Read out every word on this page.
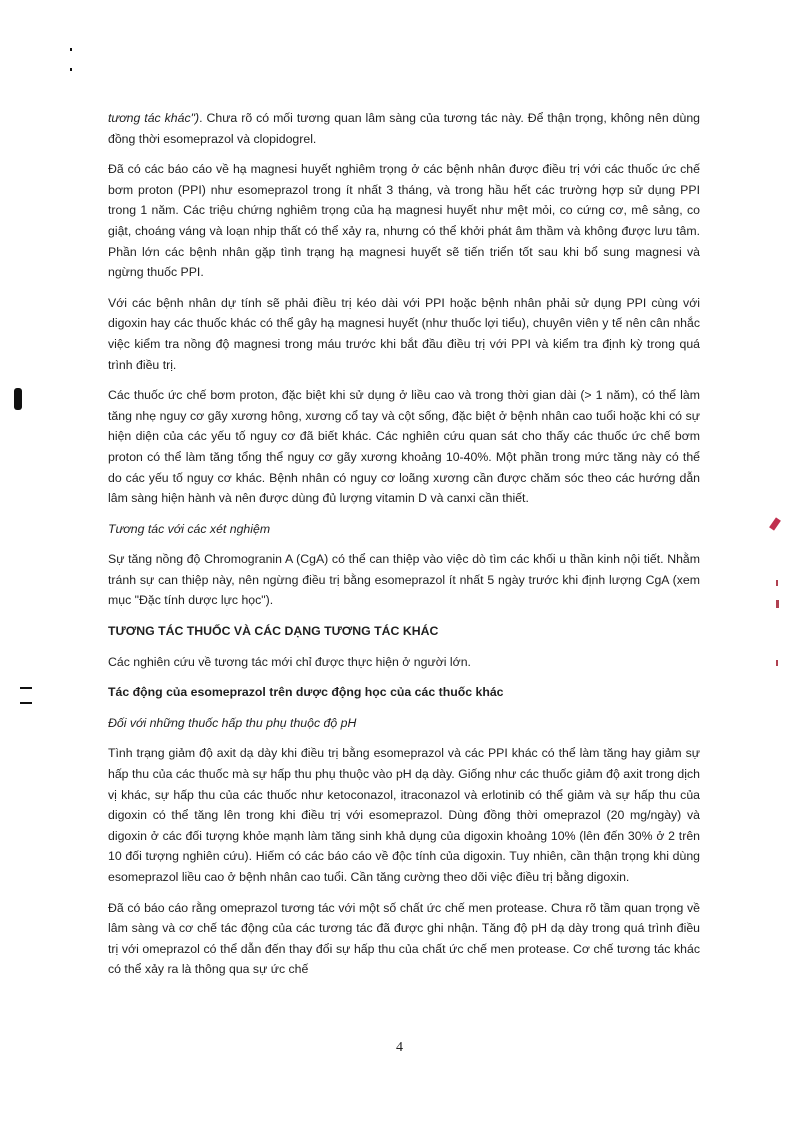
tương tác khác"). Chưa rõ có mối tương quan lâm sàng của tương tác này. Để thận trọng, không nên dùng đồng thời esomeprazol và clopidogrel.

Đã có các báo cáo về hạ magnesi huyết nghiêm trọng ở các bệnh nhân được điều trị với các thuốc ức chế bơm proton (PPI) như esomeprazol trong ít nhất 3 tháng, và trong hầu hết các trường hợp sử dụng PPI trong 1 năm. Các triệu chứng nghiêm trọng của hạ magnesi huyết như mệt mỏi, co cứng cơ, mê sảng, co giật, choáng váng và loạn nhịp thất có thể xảy ra, nhưng có thể khởi phát âm thầm và không được lưu tâm. Phần lớn các bệnh nhân gặp tình trạng hạ magnesi huyết sẽ tiến triển tốt sau khi bổ sung magnesi và ngừng thuốc PPI.

Với các bệnh nhân dự tính sẽ phải điều trị kéo dài với PPI hoặc bệnh nhân phải sử dụng PPI cùng với digoxin hay các thuốc khác có thể gây hạ magnesi huyết (như thuốc lợi tiểu), chuyên viên y tế nên cân nhắc việc kiểm tra nồng độ magnesi trong máu trước khi bắt đầu điều trị với PPI và kiểm tra định kỳ trong quá trình điều trị.

Các thuốc ức chế bơm proton, đặc biệt khi sử dụng ở liều cao và trong thời gian dài (> 1 năm), có thể làm tăng nhẹ nguy cơ gãy xương hông, xương cổ tay và cột sống, đặc biệt ở bệnh nhân cao tuổi hoặc khi có sự hiện diện của các yếu tố nguy cơ đã biết khác. Các nghiên cứu quan sát cho thấy các thuốc ức chế bơm proton có thể làm tăng tổng thể nguy cơ gãy xương khoảng 10-40%. Một phần trong mức tăng này có thể do các yếu tố nguy cơ khác. Bệnh nhân có nguy cơ loãng xương cần được chăm sóc theo các hướng dẫn lâm sàng hiện hành và nên được dùng đủ lượng vitamin D và canxi cần thiết.

Tương tác với các xét nghiệm

Sự tăng nồng độ Chromogranin A (CgA) có thể can thiệp vào việc dò tìm các khối u thần kinh nội tiết. Nhằm tránh sự can thiệp này, nên ngừng điều trị bằng esomeprazol ít nhất 5 ngày trước khi định lượng CgA (xem mục "Đặc tính dược lực học").

TƯƠNG TÁC THUỐC VÀ CÁC DẠNG TƯƠNG TÁC KHÁC

Các nghiên cứu về tương tác mới chỉ được thực hiện ở người lớn.

Tác động của esomeprazol trên dược động học của các thuốc khác

Đối với những thuốc hấp thu phụ thuộc độ pH

Tình trạng giảm độ axit dạ dày khi điều trị bằng esomeprazol và các PPI khác có thể làm tăng hay giảm sự hấp thu của các thuốc mà sự hấp thu phụ thuộc vào pH dạ dày. Giống như các thuốc giảm độ axit trong dịch vị khác, sự hấp thu của các thuốc như ketoconazol, itraconazol và erlotinib có thể giảm và sự hấp thu của digoxin có thể tăng lên trong khi điều trị với esomeprazol. Dùng đồng thời omeprazol (20 mg/ngày) và digoxin ở các đối tượng khỏe mạnh làm tăng sinh khả dụng của digoxin khoảng 10% (lên đến 30% ở 2 trên 10 đối tượng nghiên cứu). Hiếm có các báo cáo về độc tính của digoxin. Tuy nhiên, cần thận trọng khi dùng esomeprazol liều cao ở bệnh nhân cao tuổi. Cần tăng cường theo dõi việc điều trị bằng digoxin.

Đã có báo cáo rằng omeprazol tương tác với một số chất ức chế men protease. Chưa rõ tầm quan trọng về lâm sàng và cơ chế tác động của các tương tác đã được ghi nhận. Tăng độ pH dạ dày trong quá trình điều trị với omeprazol có thể dẫn đến thay đổi sự hấp thu của chất ức chế men protease. Cơ chế tương tác khác có thể xảy ra là thông qua sự ức chế

4
